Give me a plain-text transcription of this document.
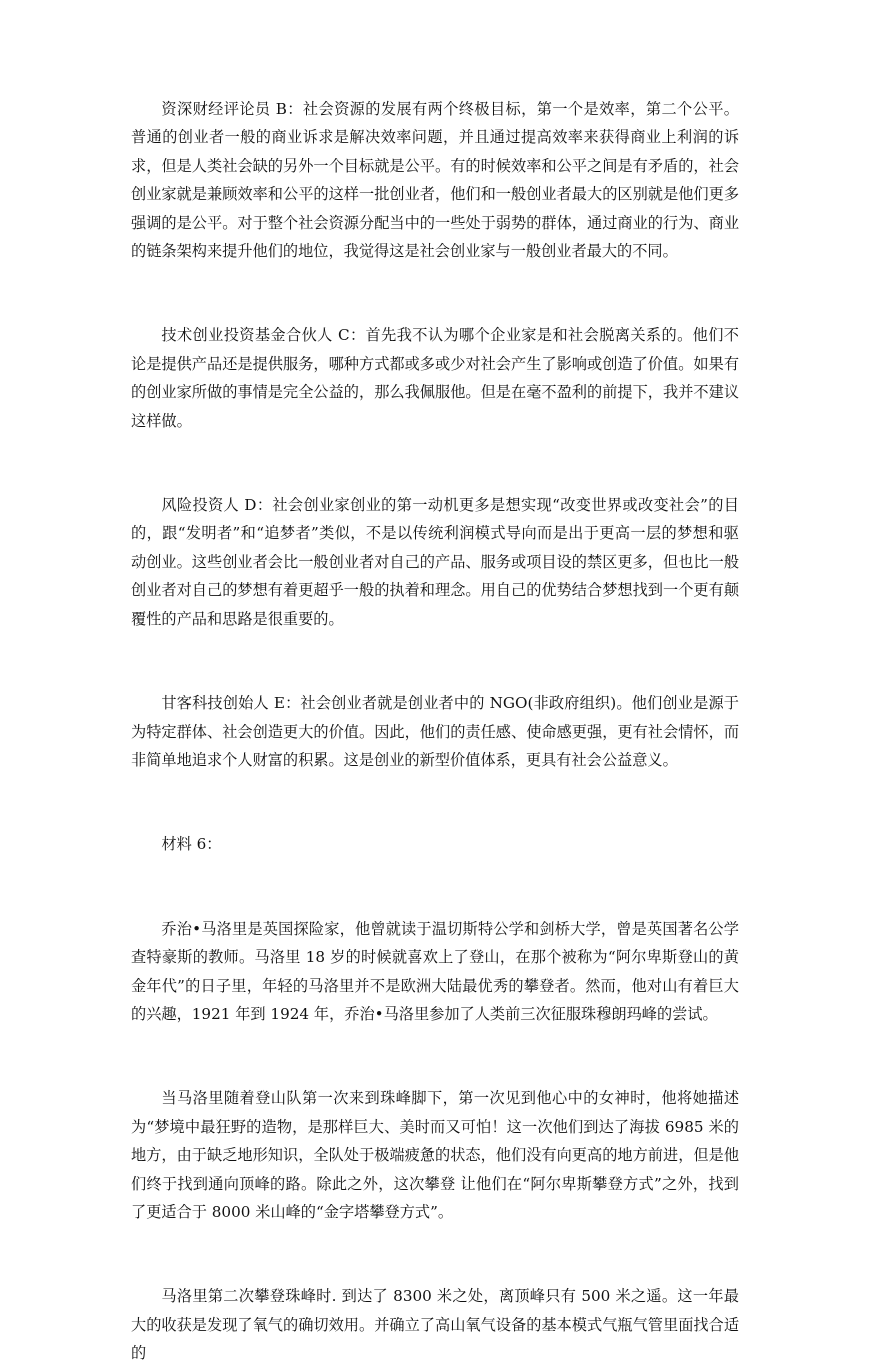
资深财经评论员 B：社会资源的发展有两个终极目标，第一个是效率，第二个公平。普通的创业者一般的商业诉求是解决效率问题，并且通过提高效率来获得商业上利润的诉求，但是人类社会缺的另外一个目标就是公平。有的时候效率和公平之间是有矛盾的，社会创业家就是兼顾效率和公平的这样一批创业者，他们和一般创业者最大的区别就是他们更多强调的是公平。对于整个社会资源分配当中的一些处于弱势的群体，通过商业的行为、商业的链条架构来提升他们的地位，我觉得这是社会创业家与一般创业者最大的不同。

技术创业投资基金合伙人 C：首先我不认为哪个企业家是和社会脱离关系的。他们不论是提供产品还是提供服务，哪种方式都或多或少对社会产生了影响或创造了价值。如果有的创业家所做的事情是完全公益的，那么我佩服他。但是在毫不盈利的前提下，我并不建议这样做。

风险投资人 D：社会创业家创业的第一动机更多是想实现“改变世界或改变社会”的目的，跟“发明者”和“追梦者”类似，不是以传统利润模式导向而是出于更高一层的梦想和驱动创业。这些创业者会比一般创业者对自己的产品、服务或项目设的禁区更多，但也比一般创业者对自己的梦想有着更超乎一般的执着和理念。用自己的优势结合梦想找到一个更有颠覆性的产品和思路是很重要的。

甘客科技创始人 E：社会创业者就是创业者中的 NGO(非政府组织)。他们创业是源于为特定群体、社会创造更大的价值。因此，他们的责任感、使命感更强，更有社会情怀，而非简单地追求个人财富的积累。这是创业的新型价值体系，更具有社会公益意义。

材料 6：

乔治•马洛里是英国探险家，他曾就读于温切斯特公学和剑桥大学，曾是英国著名公学查特豪斯的教师。马洛里 18 岁的时候就喜欢上了登山，在那个被称为“阿尔卑斯登山的黄金年代”的日子里，年轻的马洛里并不是欧洲大陆最优秀的攀登者。然而，他对山有着巨大的兴趣，1921 年到 1924 年，乔治•马洛里参加了人类前三次征服珠穆朗玛峰的尝试。

当马洛里随着登山队第一次来到珠峰脚下，第一次见到他心中的女神时，他将她描述为“梦境中最狂野的造物，是那样巨大、美时而又可怕！这一次他们到达了海拔 6985 米的地方，由于缺乏地形知识，全队处于极端疲惫的状态，他们没有向更高的地方前进，但是他们终于找到通向顶峰的路。除此之外，这次攀登 让他们在“阿尔卑斯攀登方式”之外，找到了更适合于 8000 米山峰的“金字塔攀登方式”。

马洛里第二次攀登珠峰时. 到达了 8300 米之处，离顶峰只有 500 米之遥。这一年最大的收获是发现了氧气的确切效用。并确立了高山氧气设备的基本模式气瓶气管里面找合适的
